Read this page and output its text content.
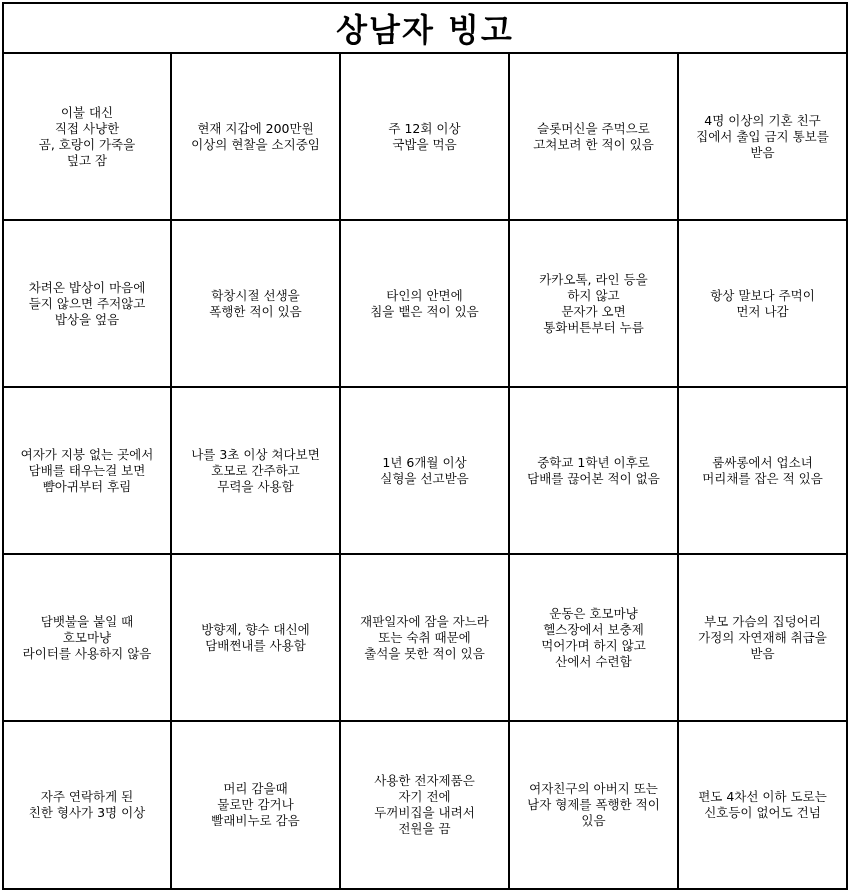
상남자 빙고
이불 대신
직접 사냥한
곰, 호랑이 가죽을
덮고 잠
현재 지갑에 200만원
이상의 현찰을 소지중임
주 12회 이상
국밥을 먹음
슬롯머신을 주먹으로
고쳐보려 한 적이 있음
4명 이상의 기혼 친구
집에서 출입 금지 통보를
받음
차려온 밥상이 마음에
들지 않으면 주저않고
밥상을 엎음
학창시절 선생을
폭행한 적이 있음
타인의 안면에
침을 뱉은 적이 있음
카카오톡, 라인 등을
하지 않고
문자가 오면
통화버튼부터 누름
항상 말보다 주먹이
먼저 나감
여자가 지붕 없는 곳에서
담배를 태우는걸 보면
뺨아귀부터 후림
나를 3초 이상 쳐다보면
호모로 간주하고
무력을 사용함
1년 6개월 이상
실형을 선고받음
중학교 1학년 이후로
담배를 끊어본 적이 없음
룸싸롱에서 업소녀
머리채를 잡은 적 있음
담뱃불을 붙일 때
호모마냥
라이터를 사용하지 않음
방향제, 향수 대신에
담배쩐내를 사용함
재판일자에 잠을 자느라
또는 숙취 때문에
출석을 못한 적이 있음
운동은 호모마냥
헬스장에서 보충제
먹어가며 하지 않고
산에서 수련함
부모 가슴의 집덩어리
가정의 자연재해 취급을
받음
자주 연락하게 된
친한 형사가 3명 이상
머리 감을때
물로만 감거나
빨래비누로 감음
사용한 전자제품은
자기 전에
두꺼비집을 내려서
전원을 끔
여자친구의 아버지 또는
남자 형제를 폭행한 적이
있음
편도 4차선 이하 도로는
신호등이 없어도 건넘
